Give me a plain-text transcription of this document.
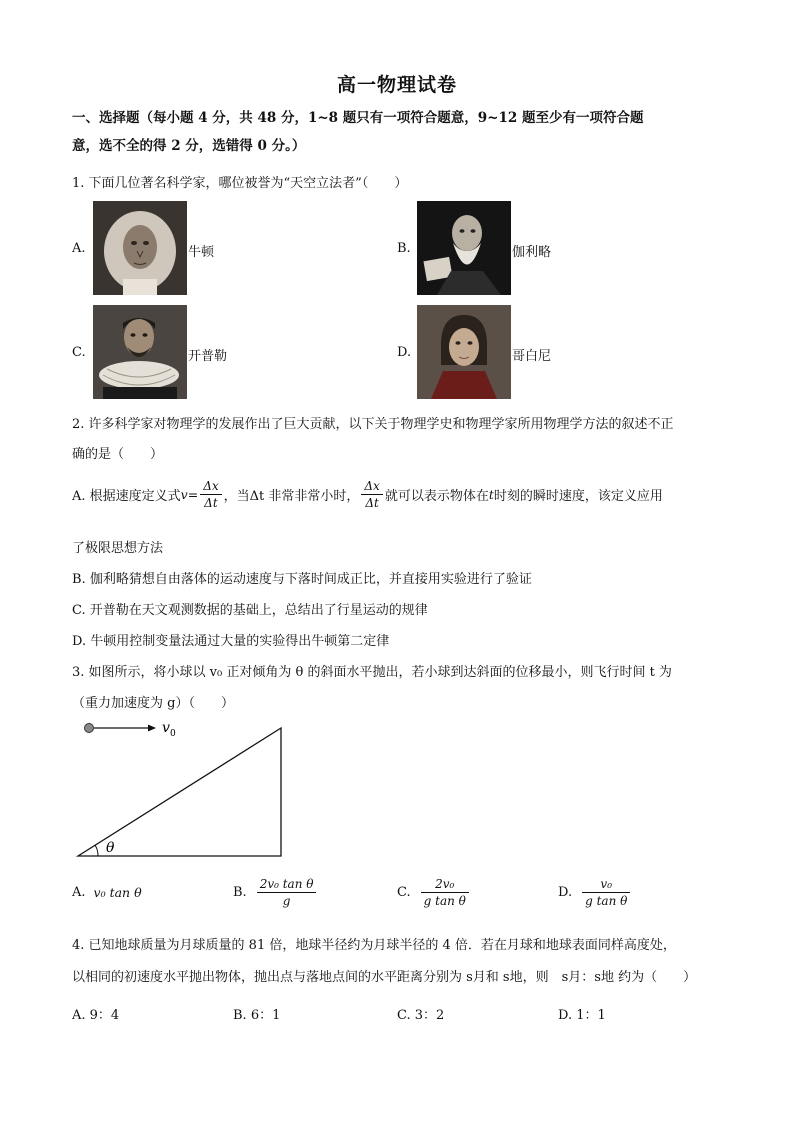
高一物理试卷
一、选择题（每小题 4 分，共 48 分，1~8 题只有一项符合题意，9~12 题至少有一项符合题
意，选不全的得 2 分，选错得 0 分。）
1. 下面几位著名科学家，哪位被誉为“天空立法者”（　　）
A.	牛顿	B.	伽利略
C.	开普勒	D.	哥白尼
2. 许多科学家对物理学的发展作出了巨大贡献，以下关于物理学史和物理学家所用物理学方法的叙述不正
确的是（　　）
A. 根据速度定义式 $v = \frac{\Delta x}{\Delta t}$ ，当Δt 非常非常小时， $\frac{\Delta x}{\Delta t}$ 就可以表示物体在 t 时刻的瞬时速度，该定义应用
了极限思想方法
B. 伽利略猜想自由落体的运动速度与下落时间成正比，并直接用实验进行了验证
C. 开普勒在天文观测数据的基础上，总结出了行星运动的规律
D. 牛顿用控制变量法通过大量的实验得出牛顿第二定律
3. 如图所示，将小球以 v₀ 正对倾角为 θ 的斜面水平抛出，若小球到达斜面的位移最小，则飞行时间 t 为
（重力加速度为 g）（　　）
v 0
θ
A. v₀ tan θ	B. $\frac{\text{2v₀ tan θ}}{g}$	C. $\frac{\text{2v₀}}{\text{g tan θ}}$	D. $\frac{\text{v₀}}{\text{g tan θ}}$
4. 已知地球质量为月球质量的 81 倍，地球半径约为月球半径的 4 倍．若在月球和地球表面同样高度处，
以相同的初速度水平抛出物体，抛出点与落地点间的水平距离分别为 s月和 s地，则　s月：s地 约为（　　）
A. 9：4	B. 6：1	C. 3：2	D. 1：1
